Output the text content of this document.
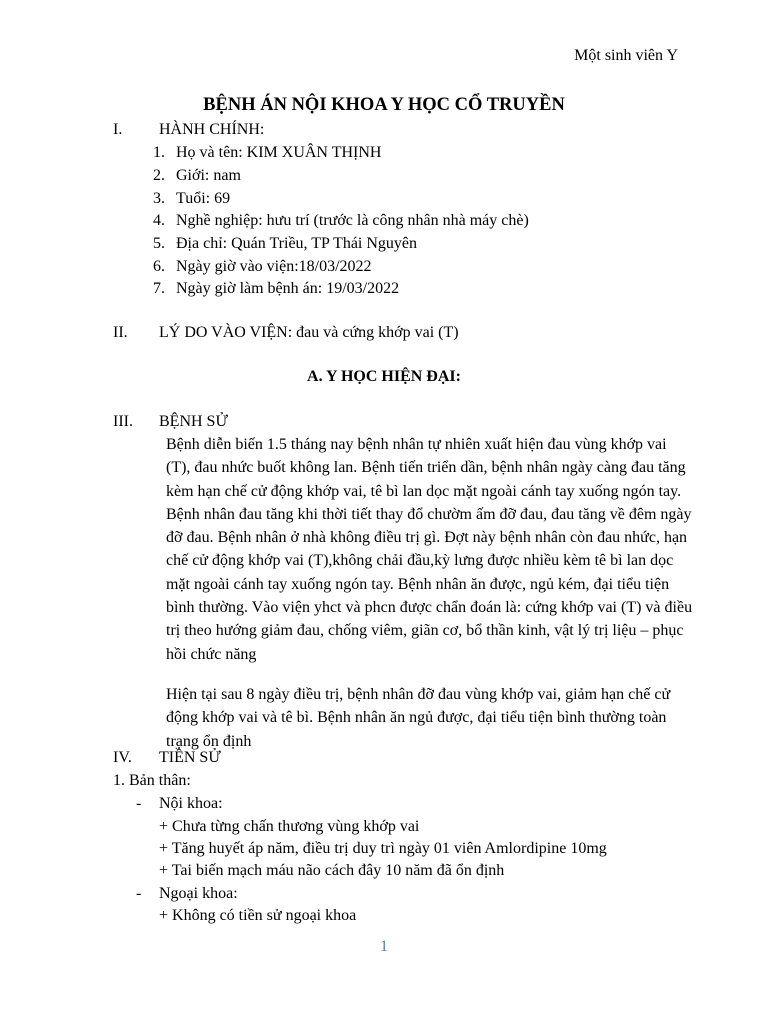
Một sinh viên Y
BỆNH ÁN NỘI KHOA Y HỌC CỔ TRUYỀN
I. HÀNH CHÍNH:
1. Họ và tên: KIM XUÂN THỊNH
2. Giới: nam
3. Tuổi: 69
4. Nghề nghiệp: hưu trí (trước là công nhân nhà máy chè)
5. Địa chỉ: Quán Triều, TP Thái Nguyên
6. Ngày giờ vào viện:18/03/2022
7. Ngày giờ làm bệnh án: 19/03/2022
II. LÝ DO VÀO VIỆN: đau và cứng khớp vai (T)
A. Y HỌC HIỆN ĐẠI:
III. BỆNH SỬ
Bệnh diễn biến 1.5 tháng nay bệnh nhân tự nhiên xuất hiện đau vùng khớp vai (T), đau nhức buốt không lan. Bệnh tiến triển dần, bệnh nhân ngày càng đau tăng kèm hạn chế cử động khớp vai, tê bì lan dọc mặt ngoài cánh tay xuống ngón tay. Bệnh nhân đau tăng khi thời tiết thay đổ chườm ấm đỡ đau, đau tăng về đêm ngày đỡ đau. Bệnh nhân ở nhà không điều trị gì. Đợt này bệnh nhân còn đau nhức, hạn chế cử động khớp vai (T),không chải đầu,kỳ lưng được nhiều kèm tê bì lan dọc mặt ngoài cánh tay xuống ngón tay. Bệnh nhân ăn được, ngủ kém, đại tiểu tiện bình thường. Vào viện yhct và phcn được chẩn đoán là: cứng khớp vai (T) và điều trị theo hướng giảm đau, chống viêm, giãn cơ, bổ thần kinh, vật lý trị liệu – phục hồi chức năng
Hiện tại sau 8 ngày điều trị, bệnh nhân đỡ đau vùng khớp vai, giảm hạn chế cử động khớp vai và tê bì. Bệnh nhân ăn ngủ được, đại tiểu tiện bình thường toàn trạng ổn định
IV. TIỀN SỬ
1. Bản thân:
- Nội khoa:
+ Chưa từng chấn thương vùng khớp vai
+ Tăng huyết áp năm, điều trị duy trì ngày 01 viên Amlordipine 10mg
+ Tai biến mạch máu não cách đây 10 năm đã ổn định
- Ngoại khoa:
+ Không có tiền sử ngoại khoa
1
